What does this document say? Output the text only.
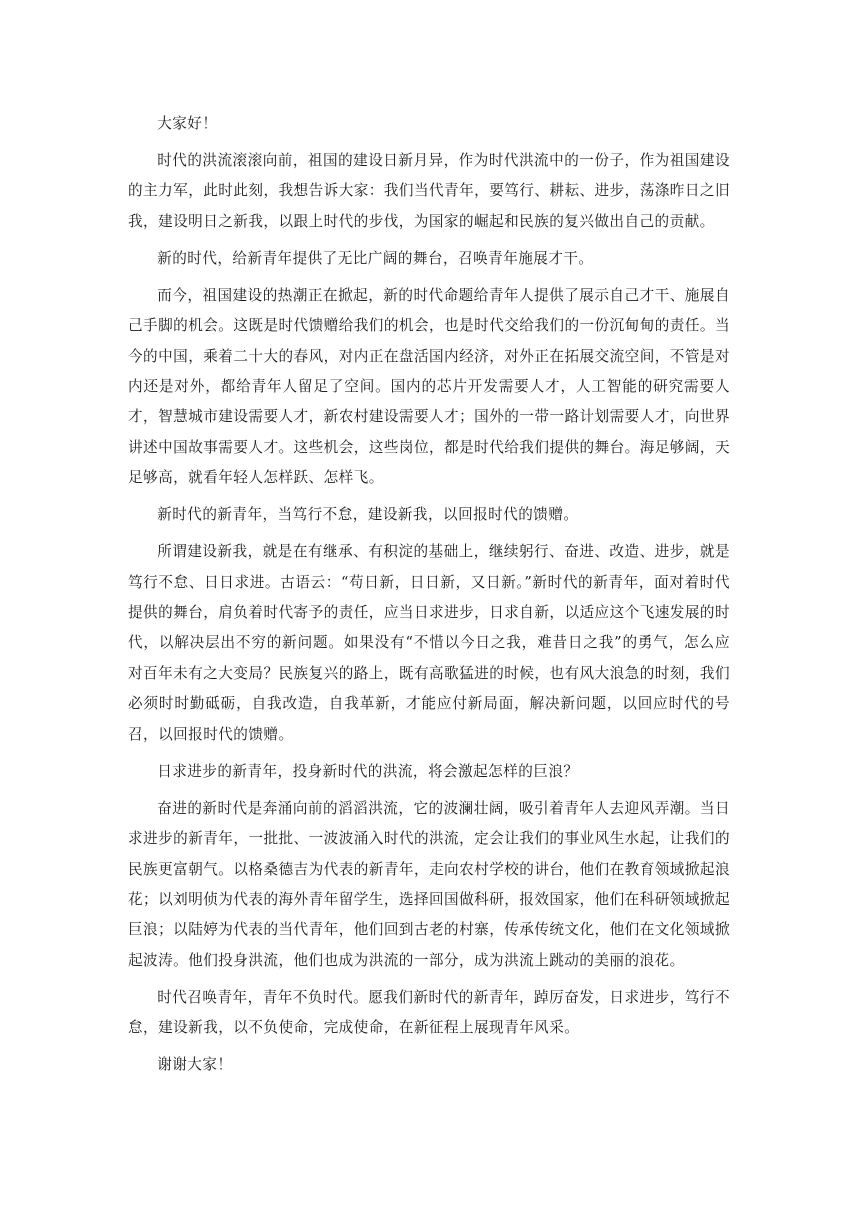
大家好！

时代的洪流滚滚向前，祖国的建设日新月异，作为时代洪流中的一份子，作为祖国建设的主力军，此时此刻，我想告诉大家：我们当代青年，要笃行、耕耘、进步，荡涤昨日之旧我，建设明日之新我，以跟上时代的步伐，为国家的崛起和民族的复兴做出自己的贡献。

新的时代，给新青年提供了无比广阔的舞台，召唤青年施展才干。

而今，祖国建设的热潮正在掀起，新的时代命题给青年人提供了展示自己才干、施展自己手脚的机会。这既是时代馈赠给我们的机会，也是时代交给我们的一份沉甸甸的责任。当今的中国，乘着二十大的春风，对内正在盘活国内经济，对外正在拓展交流空间，不管是对内还是对外，都给青年人留足了空间。国内的芯片开发需要人才，人工智能的研究需要人才，智慧城市建设需要人才，新农村建设需要人才；国外的一带一路计划需要人才，向世界讲述中国故事需要人才。这些机会，这些岗位，都是时代给我们提供的舞台。海足够阔，天足够高，就看年轻人怎样跃、怎样飞。

新时代的新青年，当笃行不怠，建设新我，以回报时代的馈赠。

所谓建设新我，就是在有继承、有积淀的基础上，继续躬行、奋进、改造、进步，就是笃行不怠、日日求进。古语云：“苟日新，日日新，又日新。”新时代的新青年，面对着时代提供的舞台，肩负着时代寄予的责任，应当日求进步，日求自新，以适应这个飞速发展的时代，以解决层出不穷的新问题。如果没有“不惜以今日之我，难昔日之我”的勇气，怎么应对百年未有之大变局？民族复兴的路上，既有高歌猛进的时候，也有风大浪急的时刻，我们必须时时勤砥砺，自我改造，自我革新，才能应付新局面，解决新问题，以回应时代的号召，以回报时代的馈赠。

日求进步的新青年，投身新时代的洪流，将会激起怎样的巨浪？

奋进的新时代是奔涌向前的滔滔洪流，它的波澜壮阔，吸引着青年人去迎风弄潮。当日求进步的新青年，一批批、一波波涌入时代的洪流，定会让我们的事业风生水起，让我们的民族更富朝气。以格桑德吉为代表的新青年，走向农村学校的讲台，他们在教育领域掀起浪花；以刘明侦为代表的海外青年留学生，选择回国做科研，报效国家，他们在科研领域掀起巨浪；以陆婷为代表的当代青年，他们回到古老的村寨，传承传统文化，他们在文化领域掀起波涛。他们投身洪流，他们也成为洪流的一部分，成为洪流上跳动的美丽的浪花。

时代召唤青年，青年不负时代。愿我们新时代的新青年，踔厉奋发，日求进步，笃行不怠，建设新我，以不负使命，完成使命，在新征程上展现青年风采。

谢谢大家！
